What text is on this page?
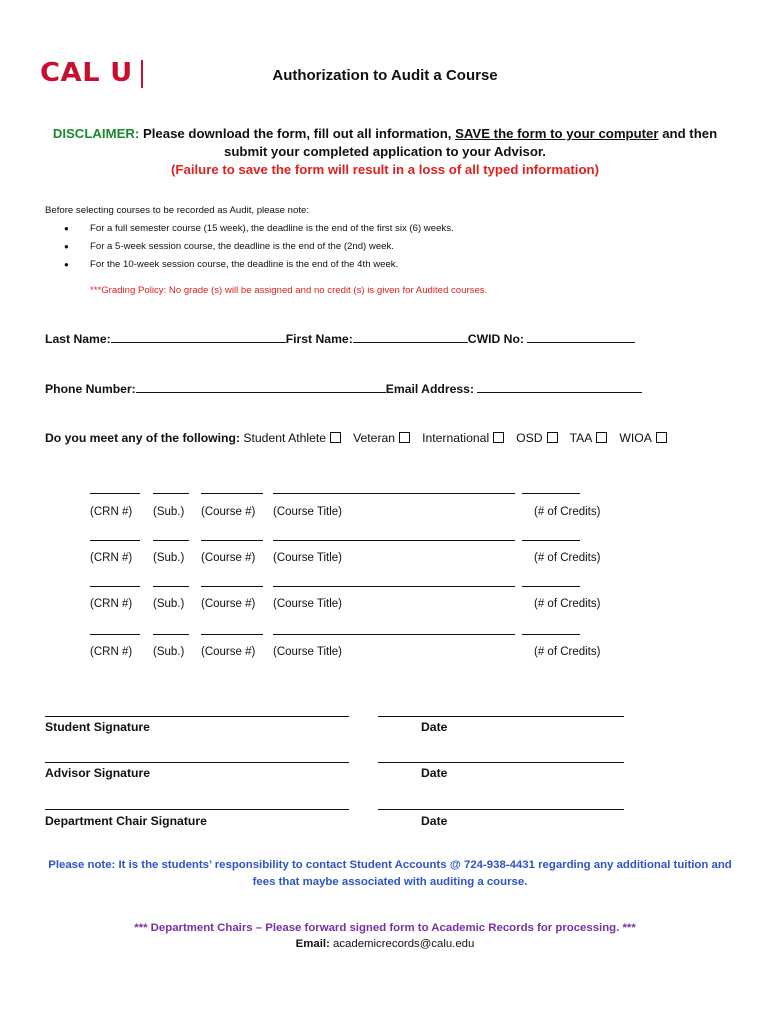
CAL U	Authorization to Audit a Course
DISCLAIMER: Please download the form, fill out all information, SAVE the form to your computer and then submit your completed application to your Advisor.
(Failure to save the form will result in a loss of all typed information)
Before selecting courses to be recorded as Audit, please note:
● For a full semester course (15 week), the deadline is the end of the first six (6) weeks.
● For a 5-week session course, the deadline is the end of the (2nd) week.
● For the 10-week session course, the deadline is the end of the 4th week.
***Grading Policy: No grade (s) will be assigned and no credit (s) is given for Audited courses.
Last Name:	First Name:	CWID No:
Phone Number:	Email Address:
Do you meet any of the following: Student Athlete Veteran International OSD TAA WIOA
(CRN #) (Sub.) (Course #) (Course Title)	(# of Credits)
(CRN #) (Sub.) (Course #) (Course Title)	(# of Credits)
(CRN #) (Sub.) (Course #) (Course Title)	(# of Credits)
(CRN #) (Sub.) (Course #) (Course Title)	(# of Credits)
Student Signature	Date
Advisor Signature	Date
Department Chair Signature	Date
Please note: It is the students’ responsibility to contact Student Accounts @ 724-938-4431 regarding any additional tuition and fees that maybe associated with auditing a course.
*** Department Chairs – Please forward signed form to Academic Records for processing. ***
Email: academicrecords@calu.edu
